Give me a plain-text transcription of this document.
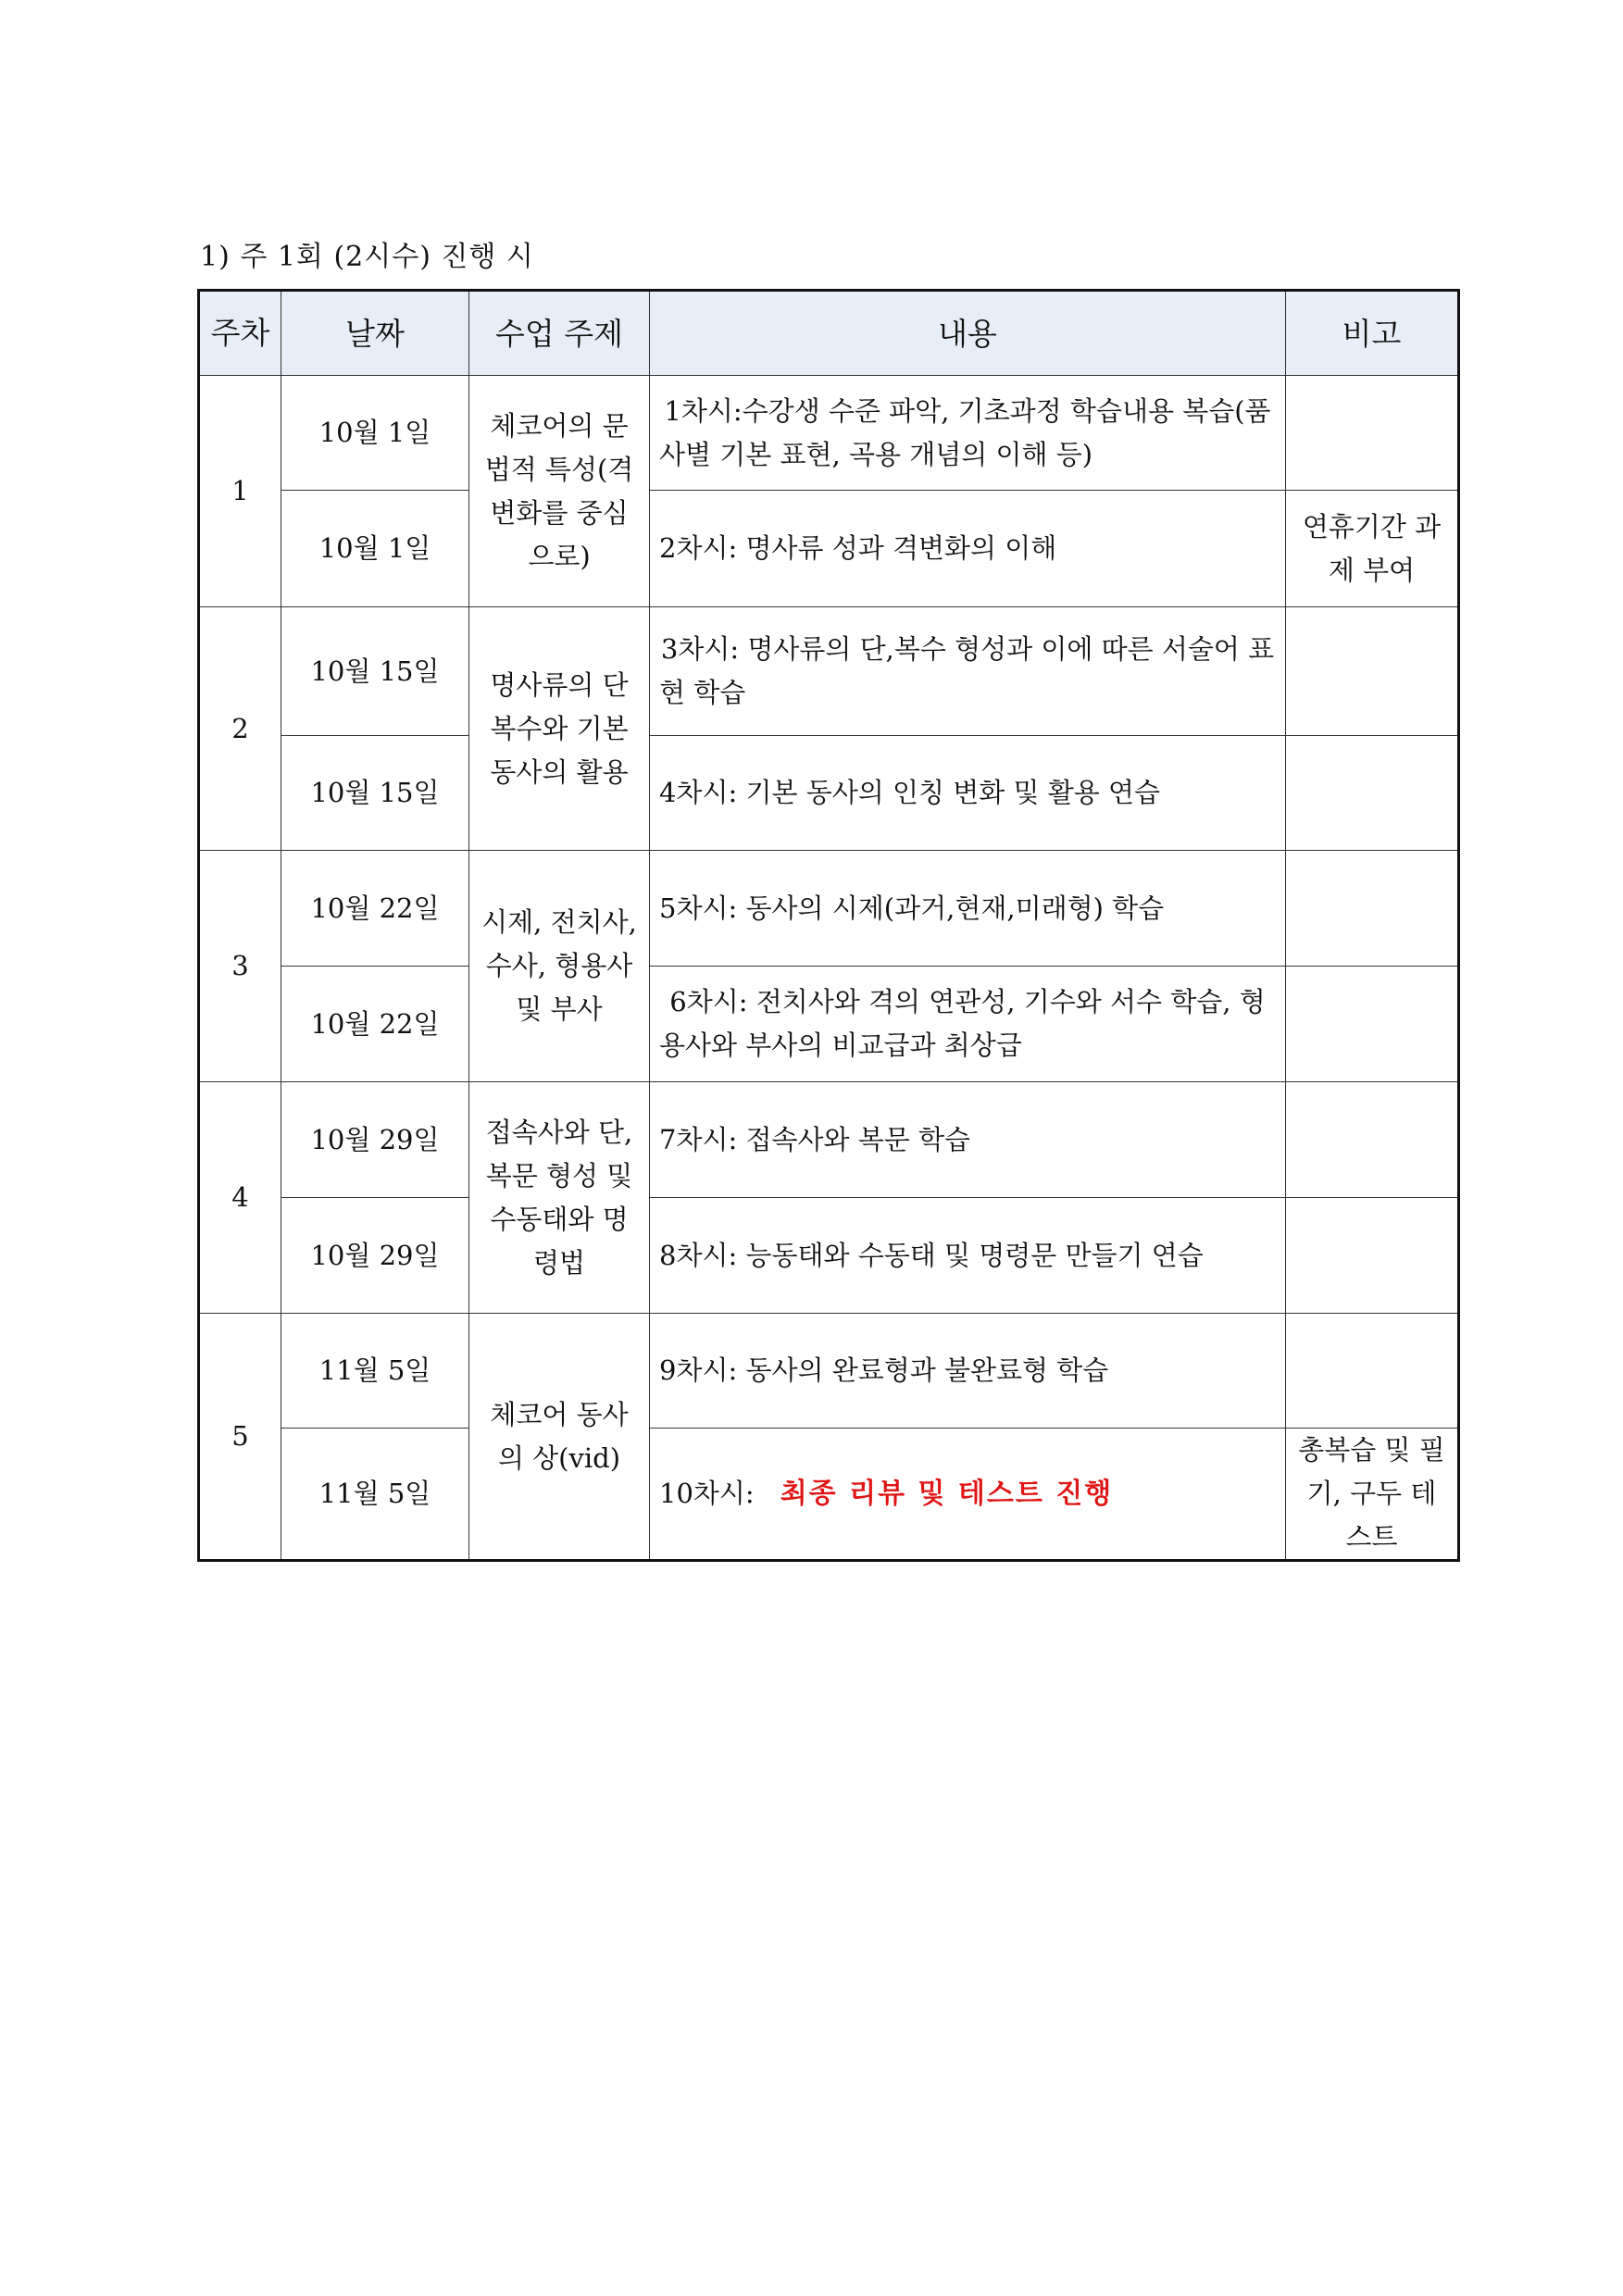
1) 주 1회 (2시수) 진행 시
주차	날짜	수업 주제	내용	비고
1	10월 1일	체코어의 문법적 특성(격변화를 중심으로)	1차시:수강생 수준 파악, 기초과정 학습내용 복습(품사별 기본 표현, 곡용 개념의 이해 등)	
	10월 1일		2차시: 명사류 성과 격변화의 이해	연휴기간 과제 부여
2	10월 15일	명사류의 단복수와 기본 동사의 활용	3차시: 명사류의 단,복수 형성과 이에 따른 서술어 표현 학습	
	10월 15일		4차시: 기본 동사의 인칭 변화 및 활용 연습	
3	10월 22일	시제, 전치사, 수사, 형용사 및 부사	5차시: 동사의 시제(과거,현재,미래형) 학습	
	10월 22일		6차시: 전치사와 격의 연관성, 기수와 서수 학습, 형용사와 부사의 비교급과 최상급	
4	10월 29일	접속사와 단,복문 형성 및 수동태와 명령법	7차시: 접속사와 복문 학습	
	10월 29일		8차시: 능동태와 수동태 및 명령문 만들기 연습	
5	11월 5일	체코어 동사의 상(vid)	9차시: 동사의 완료형과 불완료형 학습	
	11월 5일		10차시: 최종 리뷰 및 테스트 진행	총복습 및 필기, 구두 테스트
